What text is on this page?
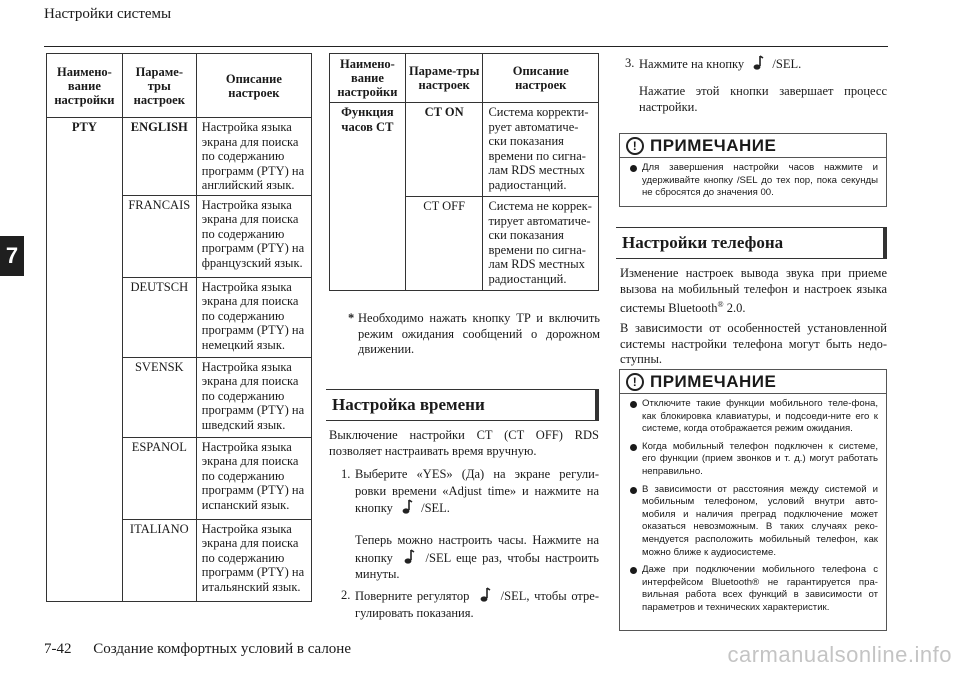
Настройки системы
7
Наимено-вание настройки	Параме-тры настроек	Описание настроек
PTY	ENGLISH	Настройка языка экрана для поиска по содержанию программ (PTY) на английский язык.
	FRANCAIS	Настройка языка экрана для поиска по содержанию программ (PTY) на французский язык.
	DEUTSCH	Настройка языка экрана для поиска по содержанию программ (PTY) на немецкий язык.
	SVENSK	Настройка языка экрана для поиска по содержанию программ (PTY) на шведский язык.
	ESPANOL	Настройка языка экрана для поиска по содержанию программ (PTY) на испанский язык.
	ITALIANO	Настройка языка экрана для поиска по содержанию программ (PTY) на итальянский язык.
Наимено-вание настройки	Параме-тры настроек	Описание настроек
Функция часов CT	CT ON	Система корректи-рует автоматиче-ски показания времени по сигна-лам RDS местных радиостанций.
	CT OFF	Система не коррек-тирует автоматиче-ски показания времени по сигна-лам RDS местных радиостанций.
* Необходимо нажать кнопку TP и включить режим ожидания сообщений о дорожном движении.
Настройка времени
Выключение настройки CT (CT OFF) RDS позволяет настраивать время вручную.
1. Выберите «YES» (Да) на экране регули-ровки времени «Adjust time» и нажмите на кнопку /SEL.
Теперь можно настроить часы. Нажмите на кнопку	/SEL еще раз, чтобы настроить минуты.
2. Поверните регулятор	/SEL, чтобы отре-гулировать показания.
3. Нажмите на кнопку /SEL.
Нажатие этой кнопки завершает процесс настройки.
! ПРИМЕЧАНИЕ
Для завершения настройки часов нажмите и удерживайте кнопку /SEL до тех пор, пока секунды не сбросятся до значения 00.
Настройки телефона
Изменение настроек вывода звука при приеме вызова на мобильный телефон и настроек языка системы Bluetooth® 2.0.
В зависимости от особенностей установленной системы настройки телефона могут быть недо-ступны.
! ПРИМЕЧАНИЕ
Отключите такие функции мобильного теле-фона, как блокировка клавиатуры, и подсоеди-ните его к системе, когда отображается режим ожидания.
Когда мобильный телефон подключен к системе, его функции (прием звонков и т. д.) могут работать неправильно.
В зависимости от расстояния между системой и мобильным телефоном, условий внутри авто-мобиля и наличия преград подключение может оказаться невозможным. В таких случаях реко-мендуется расположить мобильный телефон, как можно ближе к аудиосистеме.
Даже при подключении мобильного телефона с интерфейсом Bluetooth® не гарантируется пра-вильная работа всех функций в зависимости от параметров и технических характеристик.
7-42 Создание комфортных условий в салоне	carmanualsonline.info
